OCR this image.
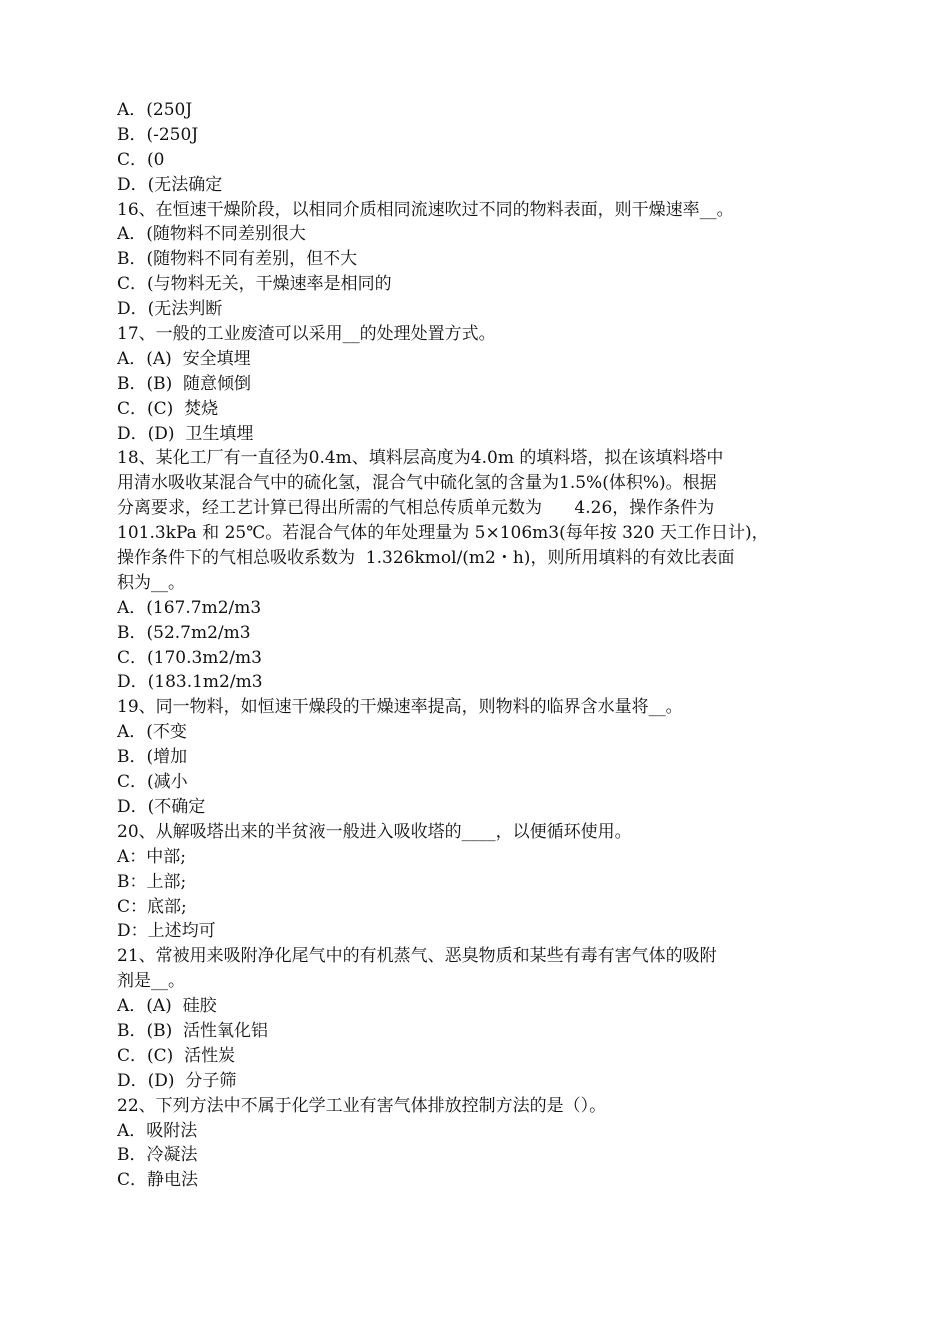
A．(250J
B．(-250J
C．(0
D．(无法确定
16、在恒速干燥阶段，以相同介质相同流速吹过不同的物料表面，则干燥速率__。
A．(随物料不同差别很大
B．(随物料不同有差别，但不大
C．(与物料无关，干燥速率是相同的
D．(无法判断
17、一般的工业废渣可以采用__的处理处置方式。
A．(A)  安全填埋
B．(B)  随意倾倒
C．(C)  焚烧
D．(D)  卫生填埋
18、某化工厂有一直径为0.4m、填料层高度为4.0m 的填料塔，拟在该填料塔中
用清水吸收某混合气中的硫化氢，混合气中硫化氢的含量为1.5%(体积%)。根据
分离要求，经工艺计算已得出所需的气相总传质单元数为      4.26，操作条件为
101.3kPa 和 25℃。若混合气体的年处理量为 5×106m3(每年按 320 天工作日计)，
操作条件下的气相总吸收系数为  1.326kmol/(m2・h)，则所用填料的有效比表面
积为__。
A．(167.7m2/m3
B．(52.7m2/m3
C．(170.3m2/m3
D．(183.1m2/m3
19、同一物料，如恒速干燥段的干燥速率提高，则物料的临界含水量将__。
A．(不变
B．(增加
C．(减小
D．(不确定
20、从解吸塔出来的半贫液一般进入吸收塔的____，以便循环使用。
A：中部;
B：上部;
C：底部;
D：上述均可
21、常被用来吸附净化尾气中的有机蒸气、恶臭物质和某些有毒有害气体的吸附
剂是__。
A．(A)  硅胶
B．(B)  活性氧化铝
C．(C)  活性炭
D．(D)  分子筛
22、下列方法中不属于化学工业有害气体排放控制方法的是（）。
A．吸附法
B．冷凝法
C．静电法
